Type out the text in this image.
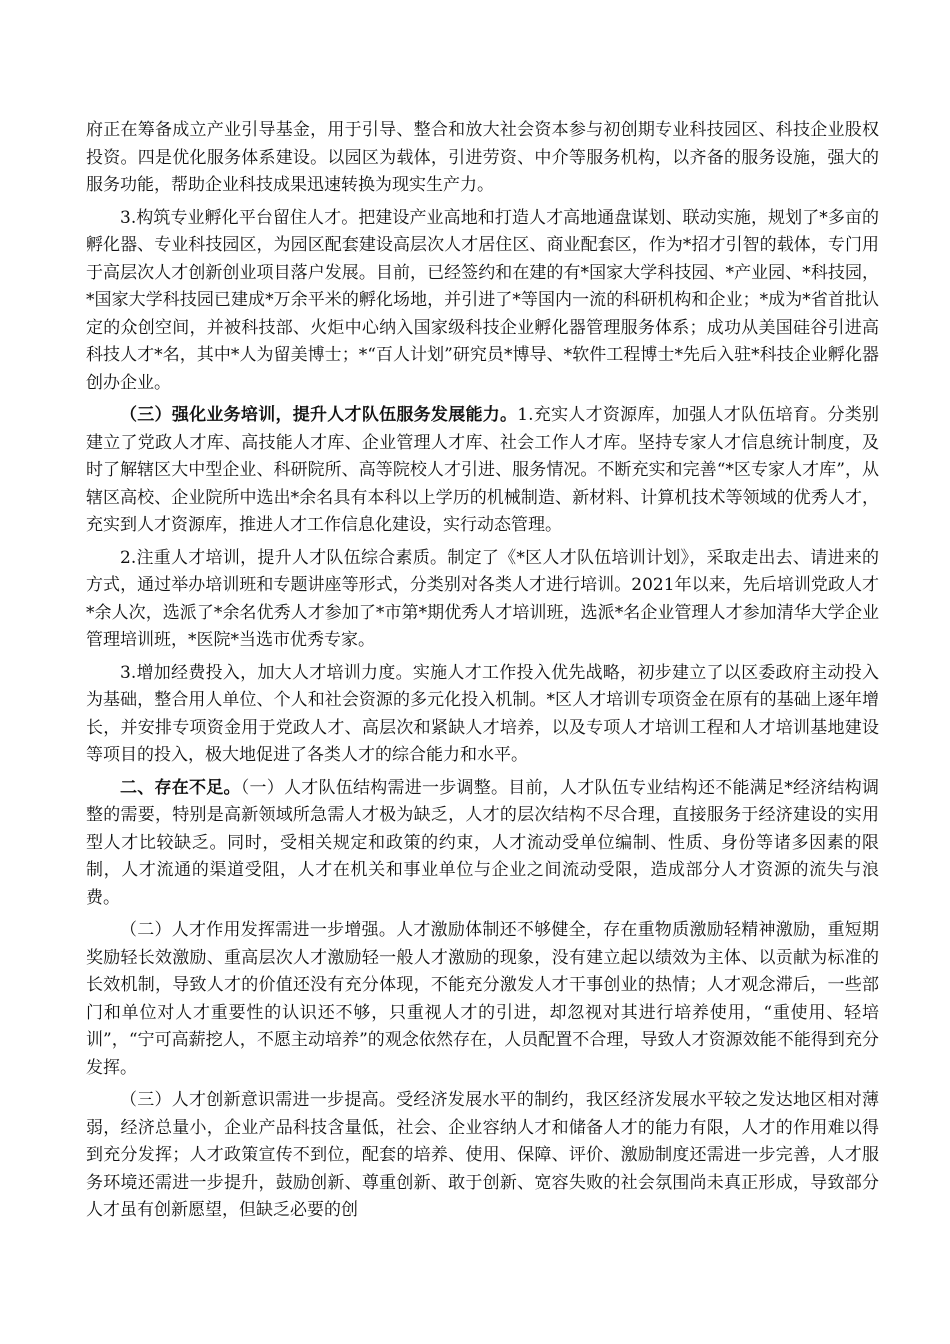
府正在筹备成立产业引导基金，用于引导、整合和放大社会资本参与初创期专业科技园区、科技企业股权投资。四是优化服务体系建设。以园区为载体，引进劳资、中介等服务机构，以齐备的服务设施，强大的服务功能，帮助企业科技成果迅速转换为现实生产力。

3.构筑专业孵化平台留住人才。把建设产业高地和打造人才高地通盘谋划、联动实施，规划了*多亩的孵化器、专业科技园区，为园区配套建设高层次人才居住区、商业配套区，作为*招才引智的载体，专门用于高层次人才创新创业项目落户发展。目前，已经签约和在建的有*国家大学科技园、*产业园、*科技园，*国家大学科技园已建成*万余平米的孵化场地，并引进了*等国内一流的科研机构和企业；*成为*省首批认定的众创空间，并被科技部、火炬中心纳入国家级科技企业孵化器管理服务体系；成功从美国硅谷引进高科技人才*名，其中*人为留美博士；*“百人计划”研究员*博导、*软件工程博士*先后入驻*科技企业孵化器创办企业。

（三）强化业务培训，提升人才队伍服务发展能力。1.充实人才资源库，加强人才队伍培育。分类别建立了党政人才库、高技能人才库、企业管理人才库、社会工作人才库。坚持专家人才信息统计制度，及时了解辖区大中型企业、科研院所、高等院校人才引进、服务情况。不断充实和完善“*区专家人才库”，从辖区高校、企业院所中选出*余名具有本科以上学历的机械制造、新材料、计算机技术等领域的优秀人才，充实到人才资源库，推进人才工作信息化建设，实行动态管理。

2.注重人才培训，提升人才队伍综合素质。制定了《*区人才队伍培训计划》，采取走出去、请进来的方式，通过举办培训班和专题讲座等形式，分类别对各类人才进行培训。2021年以来，先后培训党政人才*余人次，选派了*余名优秀人才参加了*市第*期优秀人才培训班，选派*名企业管理人才参加清华大学企业管理培训班，*医院*当选市优秀专家。

3.增加经费投入，加大人才培训力度。实施人才工作投入优先战略，初步建立了以区委政府主动投入为基础，整合用人单位、个人和社会资源的多元化投入机制。*区人才培训专项资金在原有的基础上逐年增长，并安排专项资金用于党政人才、高层次和紧缺人才培养，以及专项人才培训工程和人才培训基地建设等项目的投入，极大地促进了各类人才的综合能力和水平。

二、存在不足。（一）人才队伍结构需进一步调整。目前，人才队伍专业结构还不能满足*经济结构调整的需要，特别是高新领域所急需人才极为缺乏，人才的层次结构不尽合理，直接服务于经济建设的实用型人才比较缺乏。同时，受相关规定和政策的约束，人才流动受单位编制、性质、身份等诸多因素的限制，人才流通的渠道受阻，人才在机关和事业单位与企业之间流动受限，造成部分人才资源的流失与浪费。

（二）人才作用发挥需进一步增强。人才激励体制还不够健全，存在重物质激励轻精神激励，重短期奖励轻长效激励、重高层次人才激励轻一般人才激励的现象，没有建立起以绩效为主体、以贡献为标准的长效机制，导致人才的价值还没有充分体现，不能充分激发人才干事创业的热情；人才观念滞后，一些部门和单位对人才重要性的认识还不够，只重视人才的引进，却忽视对其进行培养使用，“重使用、轻培训”，“宁可高薪挖人，不愿主动培养”的观念依然存在，人员配置不合理，导致人才资源效能不能得到充分发挥。

（三）人才创新意识需进一步提高。受经济发展水平的制约，我区经济发展水平较之发达地区相对薄弱，经济总量小，企业产品科技含量低，社会、企业容纳人才和储备人才的能力有限，人才的作用难以得到充分发挥；人才政策宣传不到位，配套的培养、使用、保障、评价、激励制度还需进一步完善，人才服务环境还需进一步提升，鼓励创新、尊重创新、敢于创新、宽容失败的社会氛围尚未真正形成，导致部分人才虽有创新愿望，但缺乏必要的创
